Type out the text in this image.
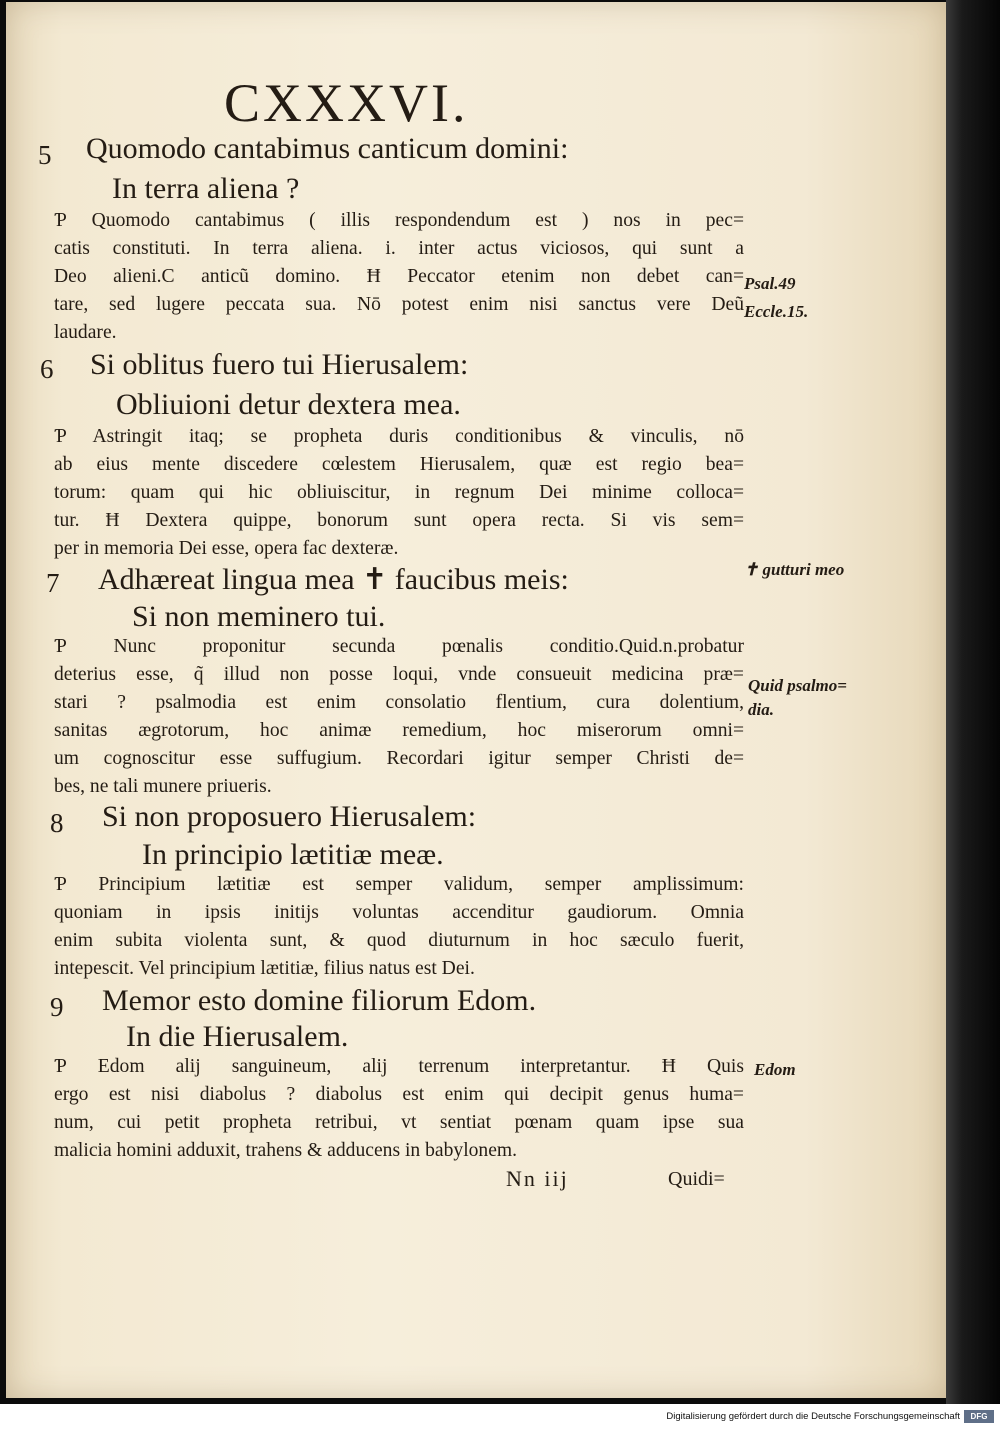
CXXXVI.
5 Quomodo cantabimus canticum domini:
In terra aliena ?
Ƥ Quomodo cantabimus ( illis respondendum est ) nos in pec=
catis constituti. In terra aliena. i. inter actus viciosos, qui sunt a
Deo alieni.C anticũ domino. Ħ Peccator etenim non debet can=
tare, sed lugere peccata sua. Nō potest enim nisi sanctus vere Deũ
laudare.
6 Si oblitus fuero tui Hierusalem:
Obliuioni detur dextera mea.
Ƥ Astringit itaq; se propheta duris conditionibus & vinculis, nō
ab eius mente discedere cœlestem Hierusalem, quæ est regio bea=
torum: quam qui hic obliuiscitur, in regnum Dei minime colloca=
tur. Ħ Dextera quippe, bonorum sunt opera recta. Si vis sem=
per in memoria Dei esse, opera fac dexteræ.
7 Adhæreat lingua mea ✝ faucibus meis:
Si non meminero tui.
Ƥ Nunc proponitur secunda pœnalis conditio.Quid.n.probatur
deterius esse, q̃ illud non posse loqui, vnde consueuit medicina præ=
stari ? psalmodia est enim consolatio flentium, cura dolentium,
sanitas ægrotorum, hoc animæ remedium, hoc miserorum omni=
um cognoscitur esse suffugium. Recordari igitur semper Christi de=
bes, ne tali munere priueris.
8 Si non proposuero Hierusalem:
In principio lætitiæ meæ.
Ƥ Principium lætitiæ est semper validum, semper amplissimum:
quoniam in ipsis initijs voluntas accenditur gaudiorum. Omnia
enim subita violenta sunt, & quod diuturnum in hoc sæculo fuerit,
intepescit. Vel principium lætitiæ, filius natus est Dei.
9 Memor esto domine filiorum Edom.
In die Hierusalem.
Ƥ Edom alij sanguineum, alij terrenum interpretantur. Ħ Quis
ergo est nisi diabolus ? diabolus est enim qui decipit genus huma=
num, cui petit propheta retribui, vt sentiat pœnam quam ipse sua
malicia homini adduxit, trahens & adducens in babylonem.
Psal.49
Eccle.15.
✝ gutturi meo
Quid psalmo=
dia.
Edom
Nn iij	Quidi=
Digitalisierung gefördert durch die Deutsche Forschungsgemeinschaft	DFG
